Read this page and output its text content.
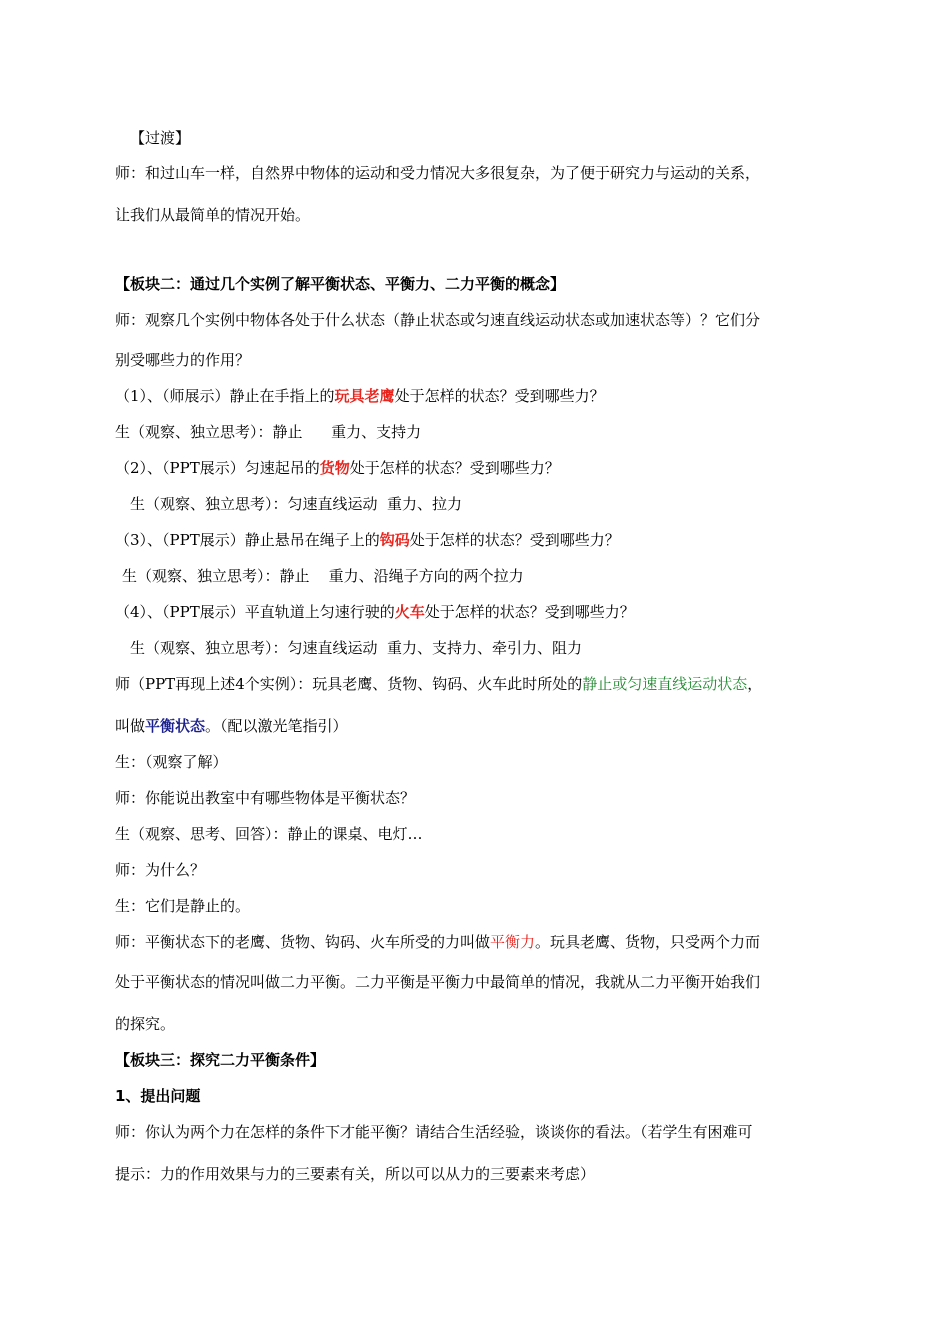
【过渡】
师：和过山车一样，自然界中物体的运动和受力情况大多很复杂，为了便于研究力与运动的关系，
让我们从最简单的情况开始。
【板块二：通过几个实例了解平衡状态、平衡力、二力平衡的概念】
师：观察几个实例中物体各处于什么状态（静止状态或匀速直线运动状态或加速状态等）？它们分
别受哪些力的作用？
（1）、（师展示）静止在手指上的玩具老鹰处于怎样的状态？受到哪些力？
生（观察、独立思考）：静止      重力、支持力
（2）、（PPT展示）匀速起吊的货物处于怎样的状态？受到哪些力？
生（观察、独立思考）：匀速直线运动  重力、拉力
（3）、（PPT展示）静止悬吊在绳子上的钩码处于怎样的状态？受到哪些力？
生（观察、独立思考）：静止    重力、沿绳子方向的两个拉力
（4）、（PPT展示）平直轨道上匀速行驶的火车处于怎样的状态？受到哪些力？
生（观察、独立思考）：匀速直线运动  重力、支持力、牵引力、阻力
师（PPT再现上述4个实例）：玩具老鹰、货物、钩码、火车此时所处的静止或匀速直线运动状态，
叫做平衡状态。（配以激光笔指引）
生：（观察了解）
师：你能说出教室中有哪些物体是平衡状态？
生（观察、思考、回答）：静止的课桌、电灯…
师：为什么？
生：它们是静止的。
师：平衡状态下的老鹰、货物、钩码、火车所受的力叫做平衡力。玩具老鹰、货物，只受两个力而
处于平衡状态的情况叫做二力平衡。二力平衡是平衡力中最简单的情况，我就从二力平衡开始我们
的探究。
【板块三：探究二力平衡条件】
1、提出问题
师：你认为两个力在怎样的条件下才能平衡？请结合生活经验，谈谈你的看法。（若学生有困难可
提示：力的作用效果与力的三要素有关，所以可以从力的三要素来考虑）
